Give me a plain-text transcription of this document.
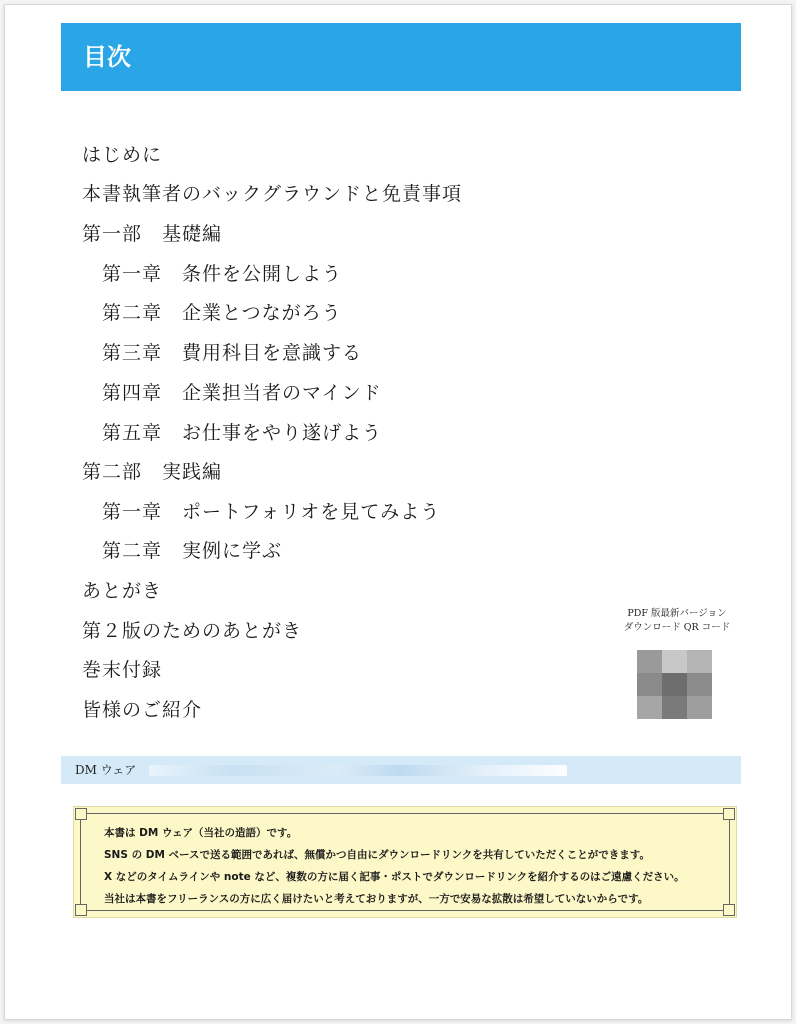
目次
はじめに
本書執筆者のバックグラウンドと免責事項
第一部　基礎編
第一章　条件を公開しよう
第二章　企業とつながろう
第三章　費用科目を意識する
第四章　企業担当者のマインド
第五章　お仕事をやり遂げよう
第二部　実践編
第一章　ポートフォリオを見てみよう
第二章　実例に学ぶ
あとがき
第２版のためのあとがき
巻末付録
皆様のご紹介
PDF 版最新バージョン
ダウンロード QR コード
DM ウェア
本書は DM ウェア（当社の造語）です。
SNS の DM ベースで送る範囲であれば、無償かつ自由にダウンロードリンクを共有していただくことができます。
X などのタイムラインや note など、複数の方に届く記事・ポストでダウンロードリンクを紹介するのはご遠慮ください。
当社は本書をフリーランスの方に広く届けたいと考えておりますが、一方で安易な拡散は希望していないからです。
